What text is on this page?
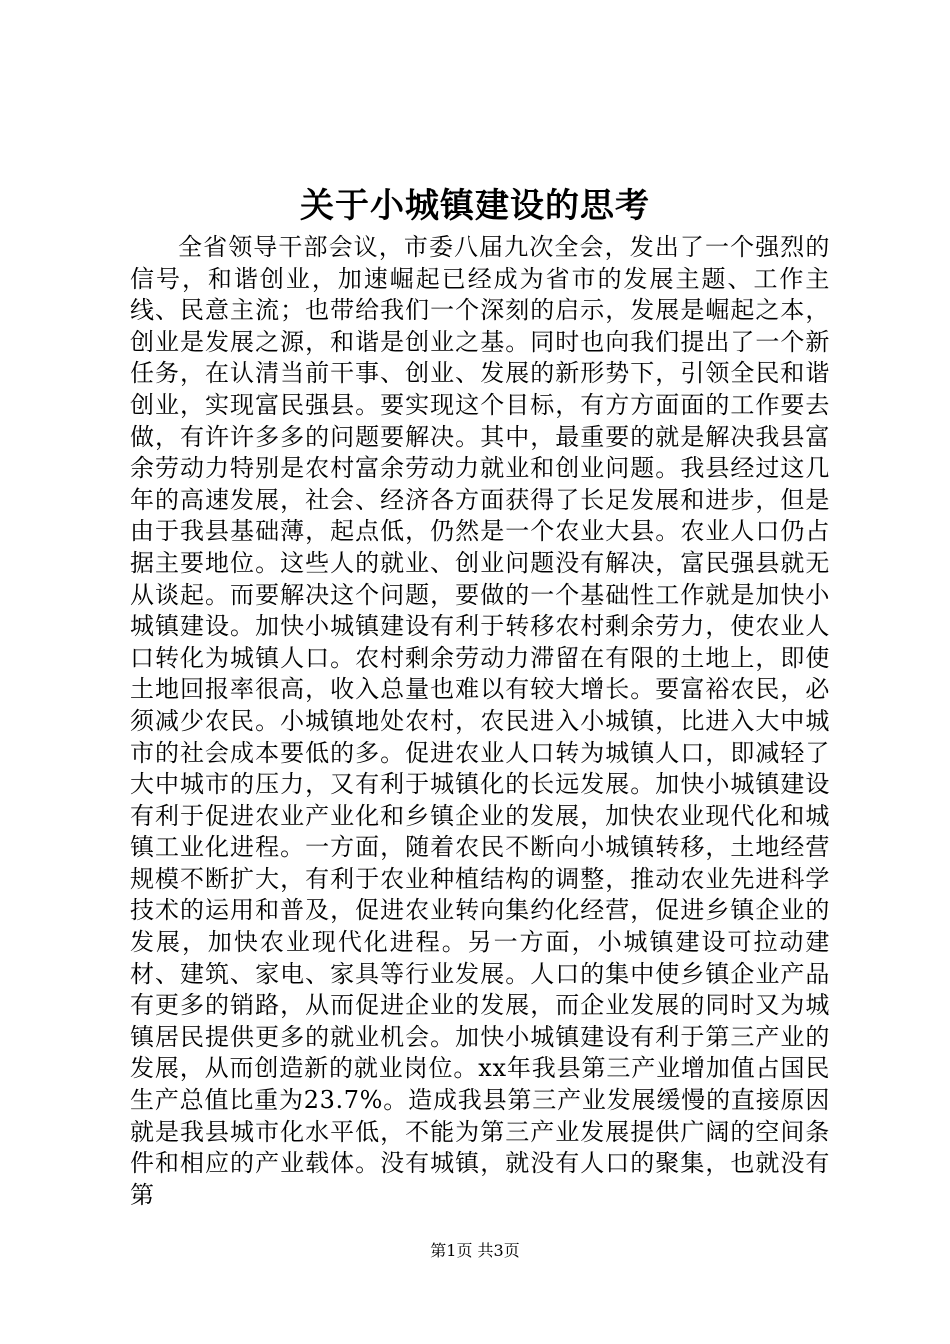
关于小城镇建设的思考

全省领导干部会议，市委八届九次全会，发出了一个强烈的信号，和谐创业，加速崛起已经成为省市的发展主题、工作主线、民意主流；也带给我们一个深刻的启示，发展是崛起之本，创业是发展之源，和谐是创业之基。同时也向我们提出了一个新任务，在认清当前干事、创业、发展的新形势下，引领全民和谐创业，实现富民强县。要实现这个目标，有方方面面的工作要去做，有许许多多的问题要解决。其中，最重要的就是解决我县富余劳动力特别是农村富余劳动力就业和创业问题。我县经过这几年的高速发展，社会、经济各方面获得了长足发展和进步，但是由于我县基础薄，起点低，仍然是一个农业大县。农业人口仍占据主要地位。这些人的就业、创业问题没有解决，富民强县就无从谈起。而要解决这个问题，要做的一个基础性工作就是加快小城镇建设。加快小城镇建设有利于转移农村剩余劳力，使农业人口转化为城镇人口。农村剩余劳动力滞留在有限的土地上，即使土地回报率很高，收入总量也难以有较大增长。要富裕农民，必须减少农民。小城镇地处农村，农民进入小城镇，比进入大中城市的社会成本要低的多。促进农业人口转为城镇人口，即减轻了大中城市的压力，又有利于城镇化的长远发展。加快小城镇建设有利于促进农业产业化和乡镇企业的发展，加快农业现代化和城镇工业化进程。一方面，随着农民不断向小城镇转移，土地经营规模不断扩大，有利于农业种植结构的调整，推动农业先进科学技术的运用和普及，促进农业转向集约化经营，促进乡镇企业的发展，加快农业现代化进程。另一方面，小城镇建设可拉动建材、建筑、家电、家具等行业发展。人口的集中使乡镇企业产品有更多的销路，从而促进企业的发展，而企业发展的同时又为城镇居民提供更多的就业机会。加快小城镇建设有利于第三产业的发展，从而创造新的就业岗位。xx年我县第三产业增加值占国民生产总值比重为23.7%。造成我县第三产业发展缓慢的直接原因就是我县城市化水平低，不能为第三产业发展提供广阔的空间条件和相应的产业载体。没有城镇，就没有人口的聚集，也就没有第

第1页 共3页
